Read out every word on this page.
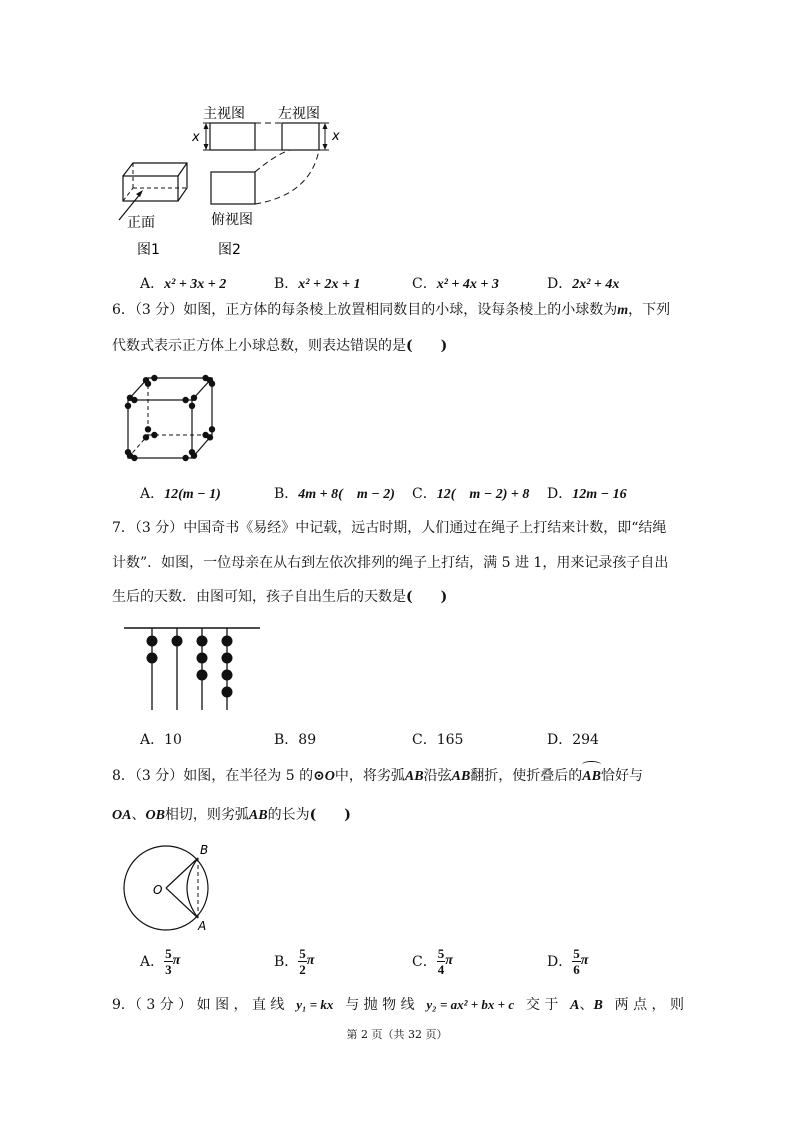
主视图 左视图
x	x
俯视图
正面
图1	图2
A．x² + 3x + 2	B．x² + 2x + 1	C．x² + 4x + 3	D．2x² + 4x
6．（3 分）如图，正方体的每条棱上放置相同数目的小球，设每条棱上的小球数为m，下列
代数式表示正方体上小球总数，则表达错误的是(　　)
A．12(m − 1)	B．4m + 8(　m − 2) C．12(　m − 2) + 8 D．12m − 16
7．（3 分）中国奇书《易经》中记载，远古时期，人们通过在绳子上打结来计数，即“结绳
计数”．如图，一位母亲在从右到左依次排列的绳子上打结，满 5 进 1，用来记录孩子自出
生后的天数．由图可知，孩子自出生后的天数是(　　)
A．10	B．89	C．165	D．294
8．（3 分）如图，在半径为 5 的⊙O中，将劣弧AB沿弦AB翻折，使折叠后的
AB恰好与
OA、OB相切，则劣弧AB的长为(　　)
O
B
A
A． $\frac{5}{3}$ π	B． $\frac{5}{2}$ π	C． $\frac{5}{4}$ π	D． $\frac{5}{6}$ π
9．（ 3 分 ） 如 图 ， 直 线 y₁ = kx 与 抛 物 线 y₂ = ax² + bx + c 交 于 A、B 两 点 ， 则
第 2 页（共 32 页）
